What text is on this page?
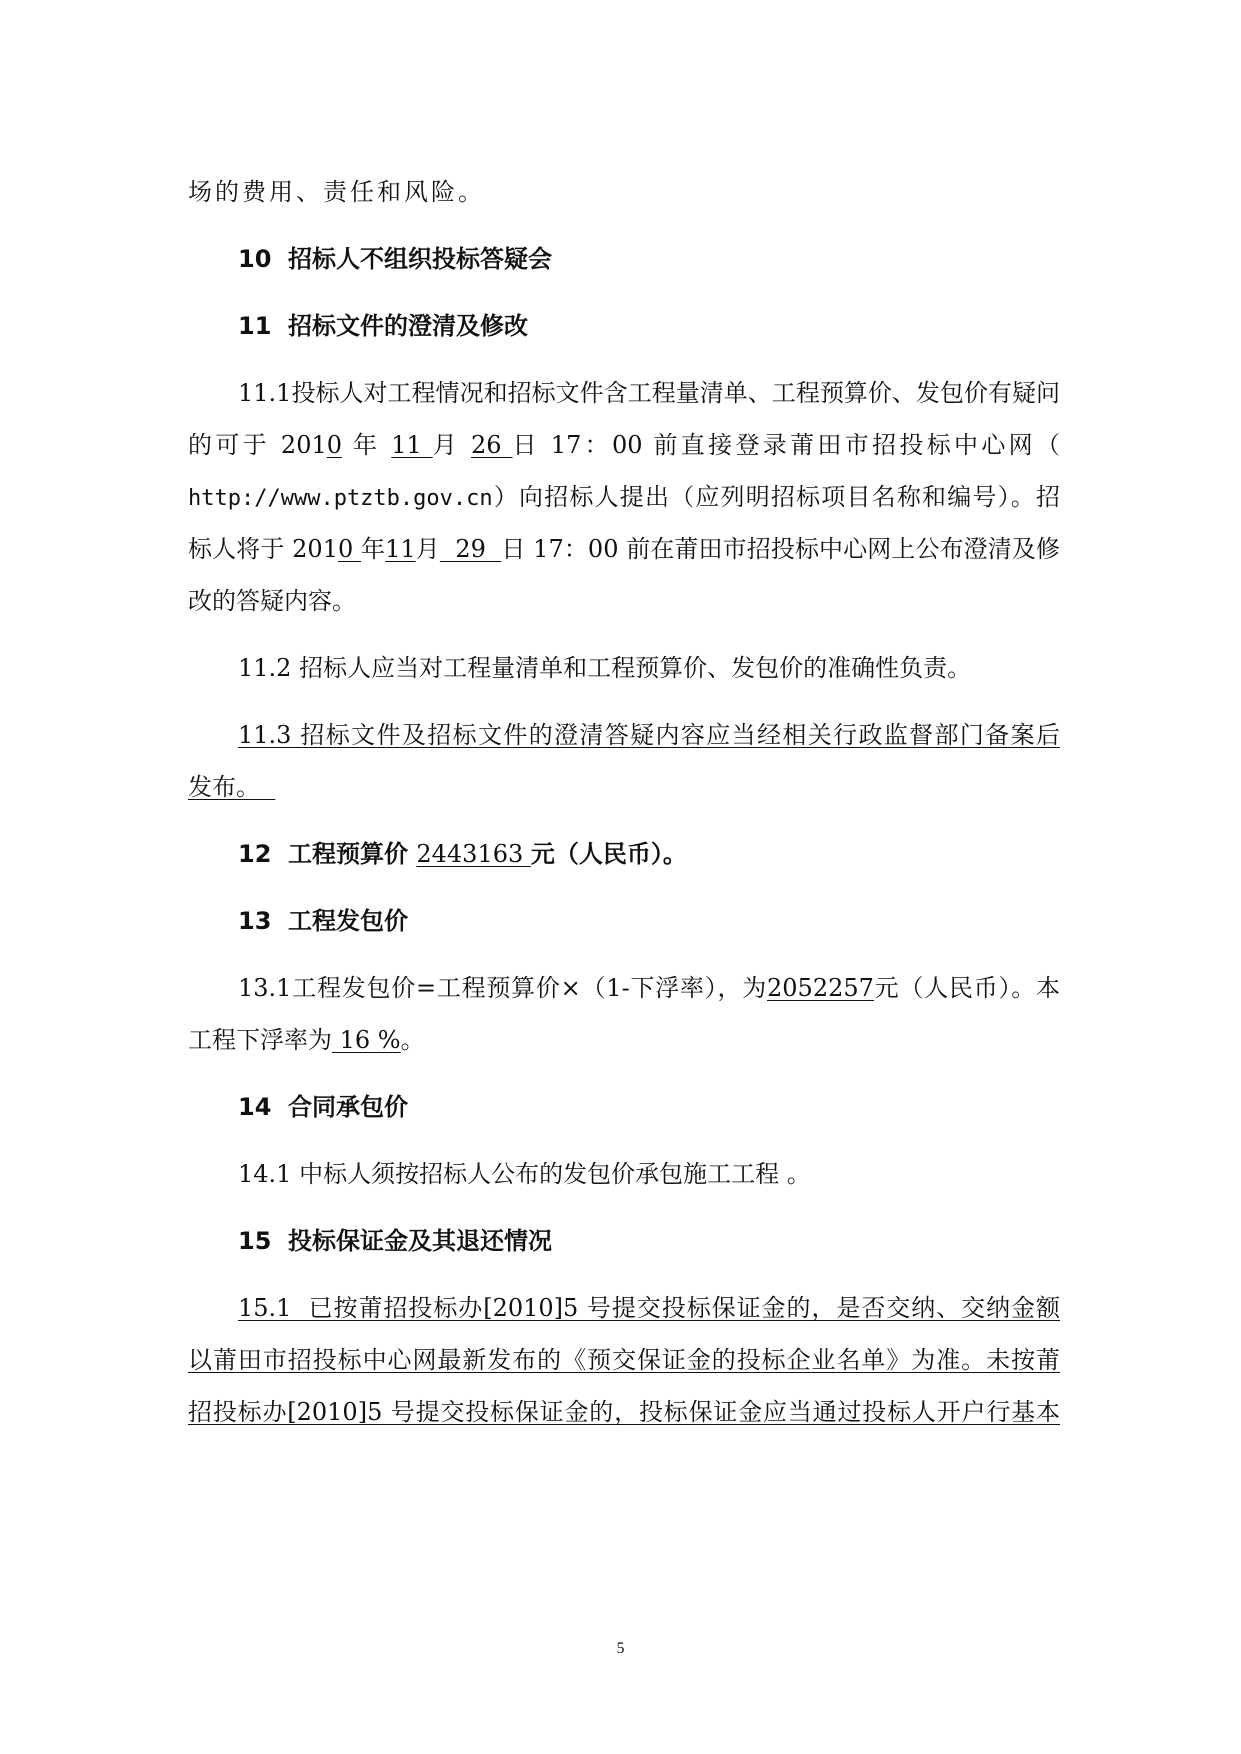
场的费用、责任和风险。
10 招标人不组织投标答疑会
11 招标文件的澄清及修改
11.1投标人对工程情况和招标文件含工程量清单、工程预算价、发包价有疑问
的可于 2010 年 11 月 26 日 17：00 前直接登录莆田市招投标中心网（
http://www.ptztb.gov.cn）向招标人提出（应列明招标项目名称和编号）。招
标人将于 2010 年11月  29  日 17：00 前在莆田市招投标中心网上公布澄清及修
改的答疑内容。
11.2 招标人应当对工程量清单和工程预算价、发包价的准确性负责。
11.3 招标文件及招标文件的澄清答疑内容应当经相关行政监督部门备案后
发布。
12 工程预算价 2443163 元（人民币）。
13 工程发包价
13.1工程发包价=工程预算价×（1-下浮率），为2052257元（人民币）。本
工程下浮率为 16 %。
14 合同承包价
14.1 中标人须按招标人公布的发包价承包施工工程 。
15 投标保证金及其退还情况
15.1  已按莆招投标办[2010]5 号提交投标保证金的，是否交纳、交纳金额
以莆田市招投标中心网最新发布的《预交保证金的投标企业名单》为准。未按莆
招投标办[2010]5 号提交投标保证金的，投标保证金应当通过投标人开户行基本
5
